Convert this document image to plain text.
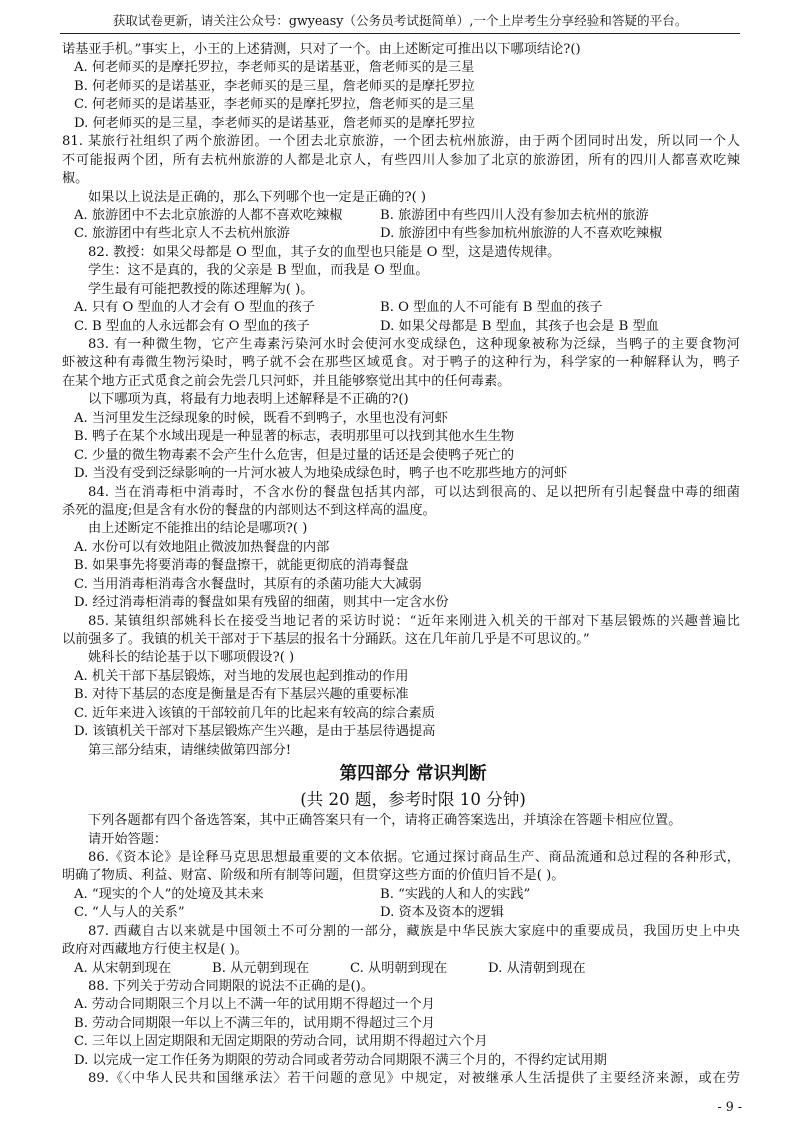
获取试卷更新，请关注公众号：gwyeasy（公务员考试挺简单）,一个上岸考生分享经验和答疑的平台。
诺基亚手机。”事实上，小王的上述猜测，只对了一个。由上述断定可推出以下哪项结论?()
A. 何老师买的是摩托罗拉，李老师买的是诺基亚，詹老师买的是三星
B. 何老师买的是诺基亚，李老师买的是三星，詹老师买的是摩托罗拉
C. 何老师买的是诺基亚，李老师买的是摩托罗拉，詹老师买的是三星
D. 何老师买的是三星，李老师买的是诺基亚，詹老师买的是摩托罗拉
81. 某旅行社组织了两个旅游团。一个团去北京旅游，一个团去杭州旅游，由于两个团同时出发，所以同一个人
不可能报两个团，所有去杭州旅游的人都是北京人，有些四川人参加了北京的旅游团，所有的四川人都喜欢吃辣
椒。
如果以上说法是正确的，那么下列哪个也一定是正确的?( )
A. 旅游团中不去北京旅游的人都不喜欢吃辣椒	B. 旅游团中有些四川人没有参加去杭州的旅游
C. 旅游团中有些北京人不去杭州旅游	D. 旅游团中有些参加杭州旅游的人不喜欢吃辣椒
82. 教授：如果父母都是 O 型血，其子女的血型也只能是 O 型，这是遗传规律。
学生：这不是真的，我的父亲是 B 型血，而我是 O 型血。
学生最有可能把教授的陈述理解为( )。
A. 只有 O 型血的人才会有 O 型血的孩子	B. O 型血的人不可能有 B 型血的孩子
C. B 型血的人永远都会有 O 型血的孩子	D. 如果父母都是 B 型血，其孩子也会是 B 型血
83. 有一种微生物，它产生毒素污染河水时会使河水变成绿色，这种现象被称为泛绿，当鸭子的主要食物河
虾被这种有毒微生物污染时，鸭子就不会在那些区域觅食。对于鸭子的这种行为，科学家的一种解释认为，鸭子
在某个地方正式觅食之前会先尝几只河虾，并且能够察觉出其中的任何毒素。
以下哪项为真，将最有力地表明上述解释是不正确的?()
A. 当河里发生泛绿现象的时候，既看不到鸭子，水里也没有河虾
B. 鸭子在某个水域出现是一种显著的标志，表明那里可以找到其他水生生物
C. 少量的微生物毒素不会产生什么危害，但是过量的话还是会使鸭子死亡的
D. 当没有受到泛绿影响的一片河水被人为地染成绿色时，鸭子也不吃那些地方的河虾
84. 当在消毒柜中消毒时，不含水份的餐盘包括其内部，可以达到很高的、足以把所有引起餐盘中毒的细菌
杀死的温度;但是含有水份的餐盘的内部则达不到这样高的温度。
由上述断定不能推出的结论是哪项?( )
A. 水份可以有效地阻止微波加热餐盘的内部
B. 如果事先将要消毒的餐盘擦干，就能更彻底的消毒餐盘
C. 当用消毒柜消毒含水餐盘时，其原有的杀菌功能大大减弱
D. 经过消毒柜消毒的餐盘如果有残留的细菌，则其中一定含水份
85. 某镇组织部姚科长在接受当地记者的采访时说：“近年来刚进入机关的干部对下基层锻炼的兴趣普遍比
以前强多了。我镇的机关干部对于下基层的报名十分踊跃。这在几年前几乎是不可思议的。”
姚科长的结论基于以下哪项假设?( )
A. 机关干部下基层锻炼，对当地的发展也起到推动的作用
B. 对待下基层的态度是衡量是否有下基层兴趣的重要标准
C. 近年来进入该镇的干部较前几年的比起来有较高的综合素质
D. 该镇机关干部对下基层锻炼产生兴趣，是由于基层待遇提高
第三部分结束，请继续做第四部分!
第四部分 常识判断
(共 20 题，参考时限 10 分钟)
下列各题都有四个备选答案，其中正确答案只有一个，请将正确答案选出，并填涂在答题卡相应位置。
请开始答题：
86.《资本论》是诠释马克思思想最重要的文本依据。它通过探讨商品生产、商品流通和总过程的各种形式，
明确了物质、利益、财富、阶级和所有制等问题，但贯穿这些方面的价值归旨不是( )。
A. “现实的个人”的处境及其未来	B. “实践的人和人的实践”
C. “人与人的关系”	D. 资本及资本的逻辑
87. 西藏自古以来就是中国领土不可分割的一部分，藏族是中华民族大家庭中的重要成员，我国历史上中央
政府对西藏地方行使主权是( )。
A. 从宋朝到现在	B. 从元朝到现在	C. 从明朝到现在	D. 从清朝到现在
88. 下列关于劳动合同期限的说法不正确的是()。
A. 劳动合同期限三个月以上不满一年的试用期不得超过一个月
B. 劳动合同期限一年以上不满三年的，试用期不得超过三个月
C. 三年以上固定期限和无固定期限的劳动合同，试用期不得超过六个月
D. 以完成一定工作任务为期限的劳动合同或者劳动合同期限不满三个月的，不得约定试用期
89.《〈中华人民共和国继承法〉若干问题的意见》中规定，对被继承人生活提供了主要经济来源，或在劳
- 9 -
